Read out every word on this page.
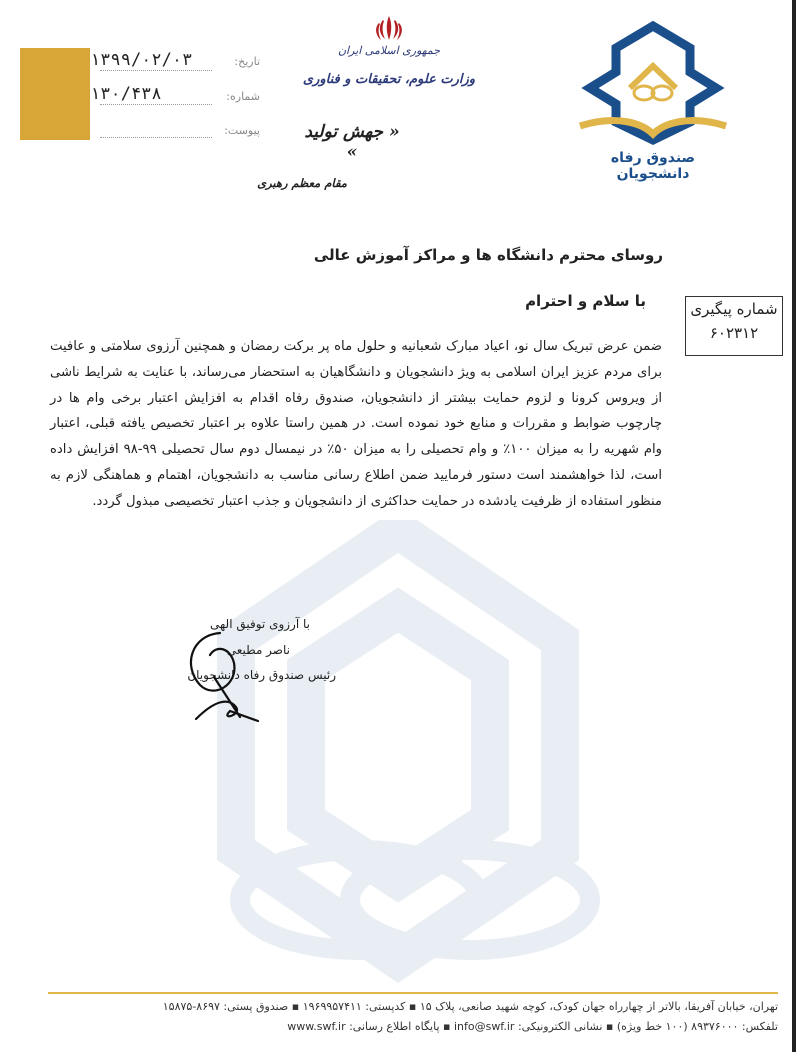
تاریخ:
۱۳۹۹/۰۲/۰۳
شماره:
۱۳۰/۴۳۸
پیوست:
جمهوری اسلامی ایران
وزارت علوم، تحقیقات و فناوری
« جهش تولید »
مقام معظم رهبری
صندوق رفاه دانشجویان
روسای محترم دانشگاه ها و مراکز آموزش عالی
با سلام و احترام	شماره پیگیری
۶۰۲۳۱۲
ضمن عرض تبریک سال نو، اعیاد مبارک شعبانیه و حلول ماه پر برکت رمضان و همچنین آرزوی سلامتی و عافیت برای مردم عزیز ایران اسلامی به ویژ دانشجویان و دانشگاهیان به استحضار می‌رساند، با عنایت به شرایط ناشی از ویروس کرونا و لزوم حمایت بیشتر از دانشجویان، صندوق رفاه اقدام به افزایش اعتبار برخی وام ها در چارچوب ضوابط و مقررات و منابع خود نموده است. در همین راستا علاوه بر اعتبار تخصیص یافته قبلی، اعتبار وام شهریه را به میزان ۱۰۰٪ و وام تحصیلی را به میزان ۵۰٪ در نیمسال دوم سال تحصیلی ۹۹-۹۸ افزایش داده است، لذا خواهشمند است دستور فرمایید ضمن اطلاع رسانی مناسب به دانشجویان، اهتمام و هماهنگی لازم به منظور استفاده از ظرفیت یادشده در حمایت حداکثری از دانشجویان و جذب اعتبار تخصیصی مبذول گردد.
با آرزوی توفیق الهی
ناصر مطیعی
رئیس صندوق رفاه دانشجویان
تهران، خیابان آفریقا، بالاتر از چهارراه جهان کودک، کوچه شهید صانعی، پلاک ۱۵ ▪ کدپستی: ۱۹۶۹۹۵۷۴۱۱ ▪ صندوق پستی: ۸۶۹۷-۱۵۸۷۵
تلفکس: ۸۹۳۷۶۰۰۰ (۱۰۰ خط ویژه) ▪ نشانی الکترونیکی: info@swf.ir ▪ پایگاه اطلاع رسانی: www.swf.ir
